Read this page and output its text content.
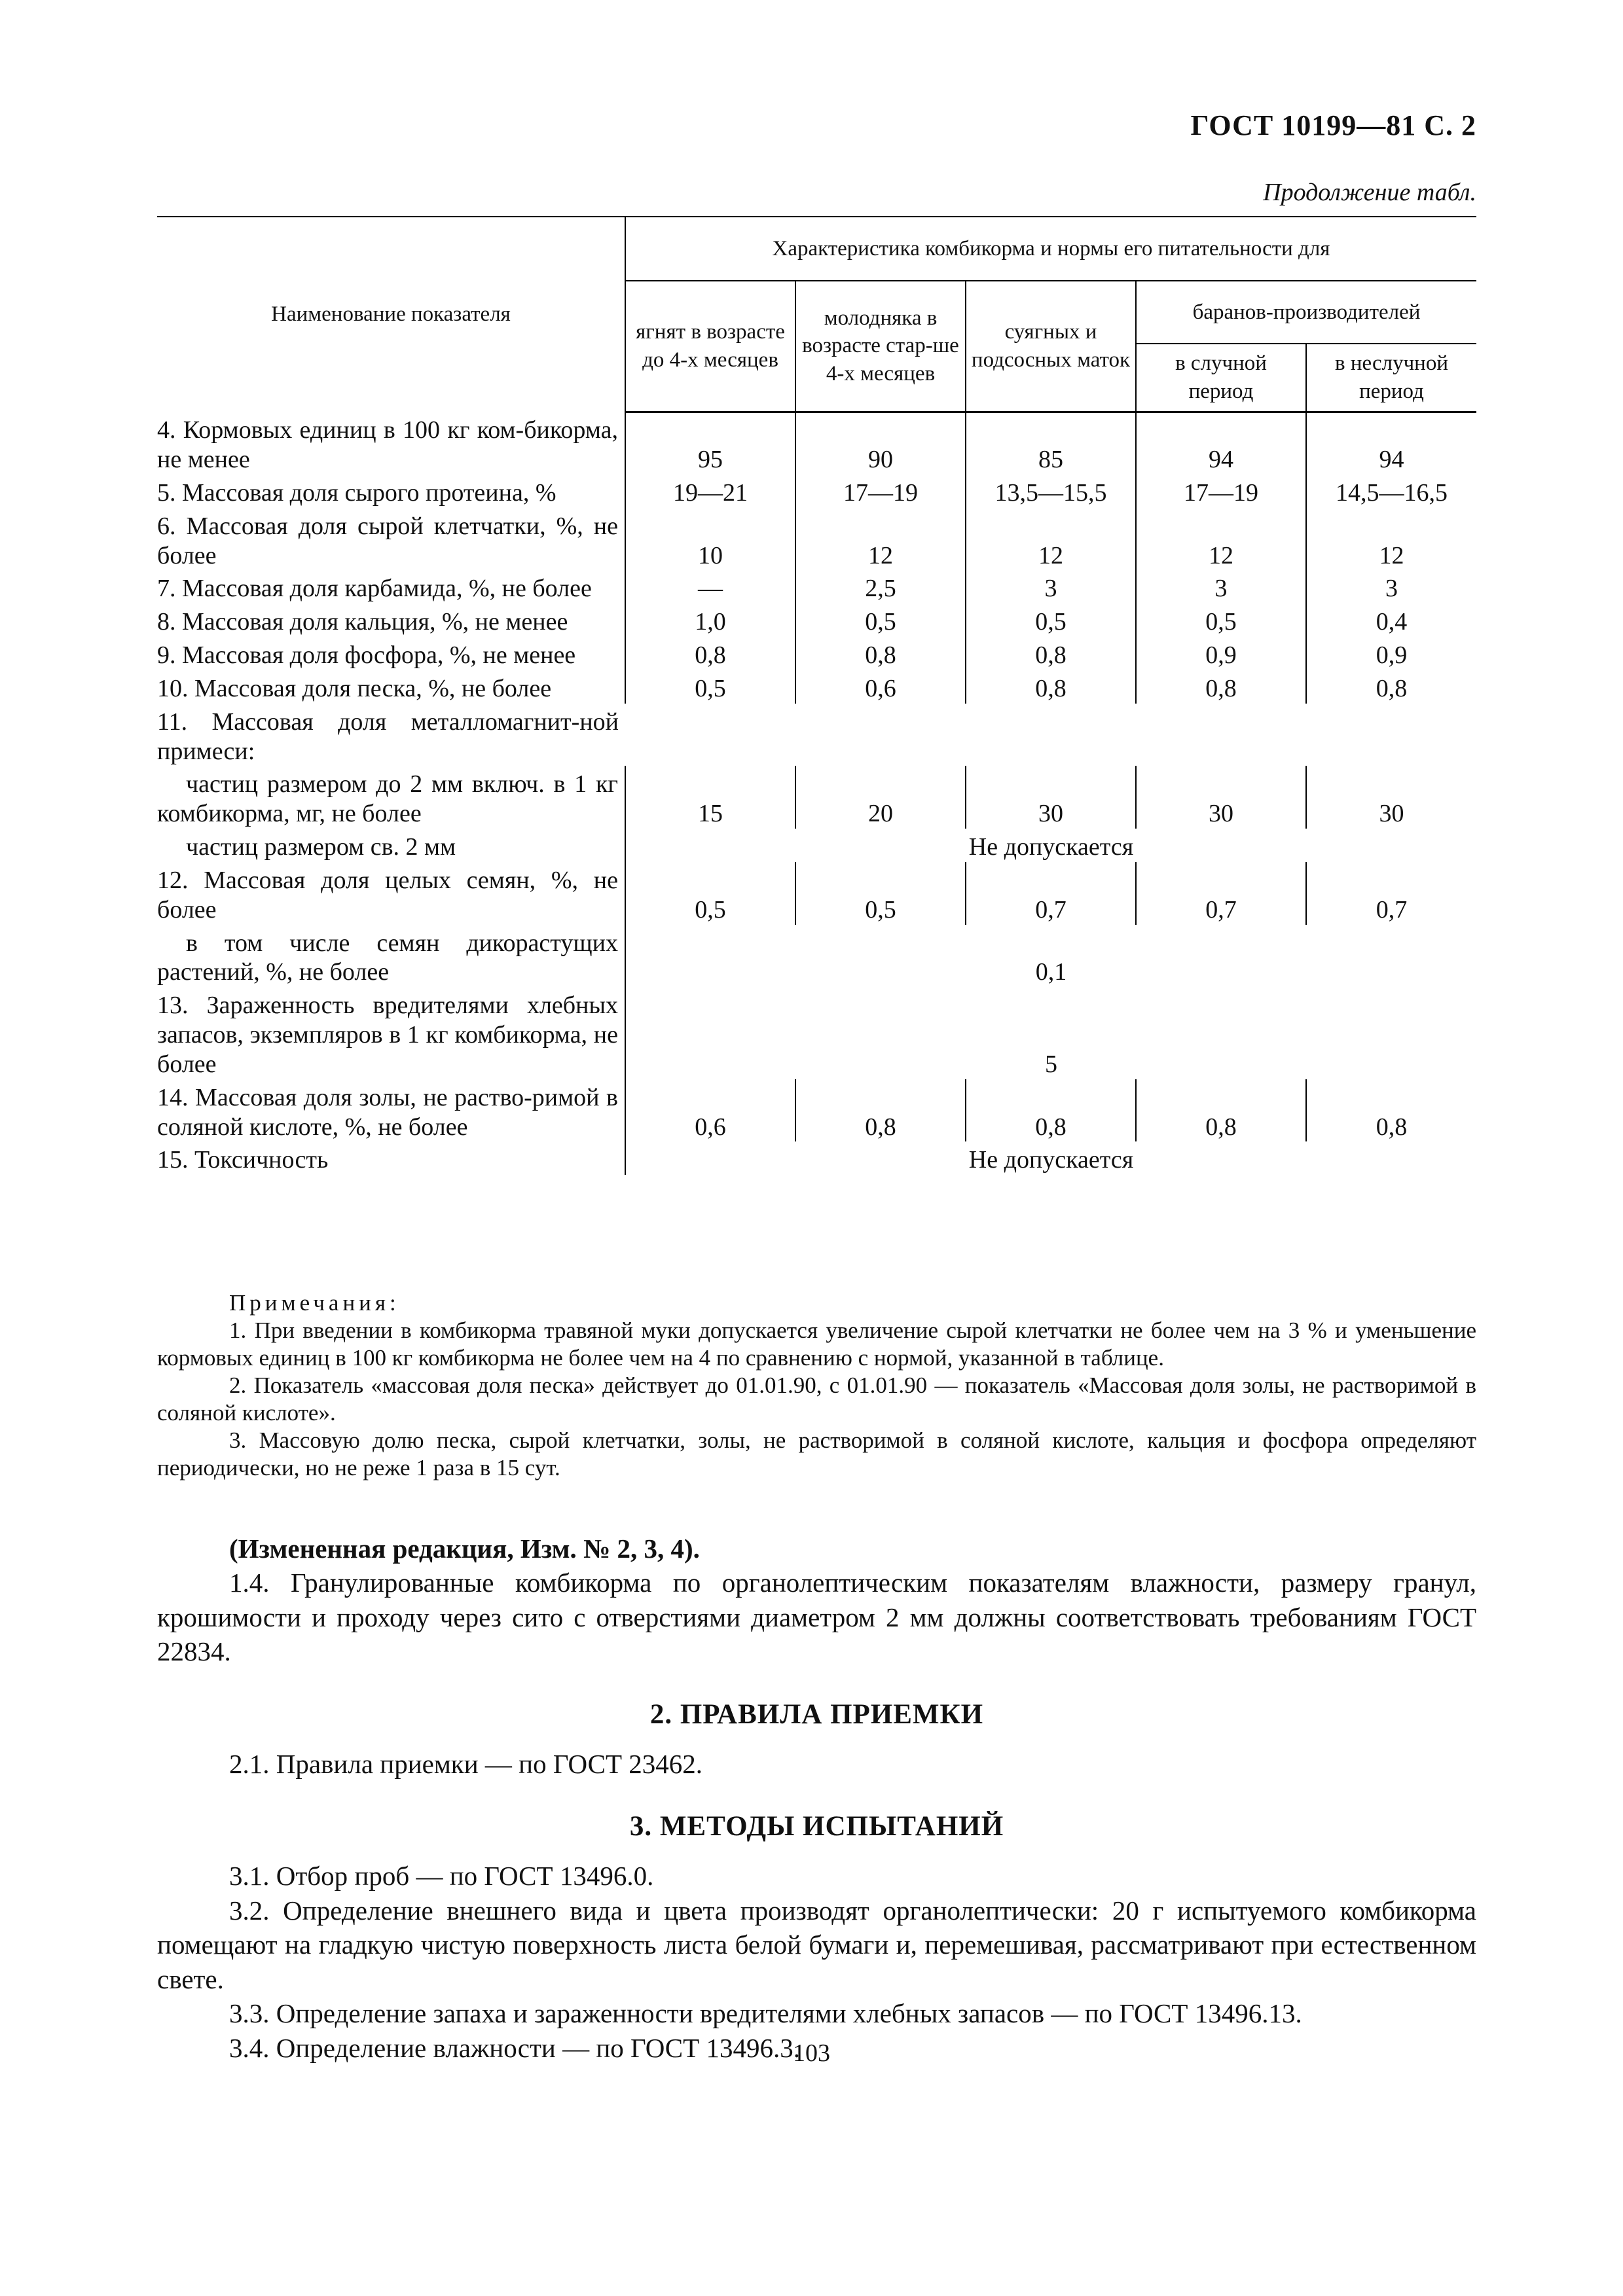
ГОСТ 10199—81 С. 2
Продолжение табл.
Наименование показателя	Характеристика комбикорма и нормы его питательности для				
	ягнят в возрасте до 4-х месяцев	молодняка в возрасте стар-ше 4-х месяцев	суягных и подсосных маток	баранов-производителей	
				в случной период	в неслучной период
4. Кормовых единиц в 100 кг ком-бикорма, не менее	95	90	85	94	94
5. Массовая доля сырого протеина, %	19—21	17—19	13,5—15,5	17—19	14,5—16,5
6. Массовая доля сырой клетчатки, %, не более	10	12	12	12	12
7. Массовая доля карбамида, %, не более	—	2,5	3	3	3
8. Массовая доля кальция, %, не менее	1,0	0,5	0,5	0,5	0,4
9. Массовая доля фосфора, %, не менее	0,8	0,8	0,8	0,9	0,9
10. Массовая доля песка, %, не более	0,5	0,6	0,8	0,8	0,8
11. Массовая доля металломагнит-ной примеси:					
частиц размером до 2 мм включ. в 1 кг комбикорма, мг, не более	15	20	30	30	30
частиц размером св. 2 мм	Не допускается				
12. Массовая доля целых семян, %, не более	0,5	0,5	0,7	0,7	0,7
в том числе семян дикорастущих растений, %, не более	0,1				
13. Зараженность вредителями хлебных запасов, экземпляров в 1 кг комбикорма, не более	5				
14. Массовая доля золы, не раство-римой в соляной кислоте, %, не более	0,6	0,8	0,8	0,8	0,8
15. Токсичность	Не допускается				
Примечания:

1. При введении в комбикорма травяной муки допускается увеличение сырой клетчатки не более чем на 3 % и уменьшение кормовых единиц в 100 кг комбикорма не более чем на 4 по сравнению с нормой, указанной в таблице.

2. Показатель «массовая доля песка» действует до 01.01.90, с 01.01.90 — показатель «Массовая доля золы, не растворимой в соляной кислоте».

3. Массовую долю песка, сырой клетчатки, золы, не растворимой в соляной кислоте, кальция и фосфора определяют периодически, но не реже 1 раза в 15 сут.

(Измененная редакция, Изм. № 2, 3, 4).

1.4. Гранулированные комбикорма по органолептическим показателям влажности, размеру гранул, крошимости и проходу через сито с отверстиями диаметром 2 мм должны соответствовать требованиям ГОСТ 22834.

2. ПРАВИЛА ПРИЕМКИ

2.1. Правила приемки — по ГОСТ 23462.

3. МЕТОДЫ ИСПЫТАНИЙ

3.1. Отбор проб — по ГОСТ 13496.0.

3.2. Определение внешнего вида и цвета производят органолептически: 20 г испытуемого комбикорма помещают на гладкую чистую поверхность листа белой бумаги и, перемешивая, рассматривают при естественном свете.

3.3. Определение запаха и зараженности вредителями хлебных запасов — по ГОСТ 13496.13.

3.4. Определение влажности — по ГОСТ 13496.3.

103
